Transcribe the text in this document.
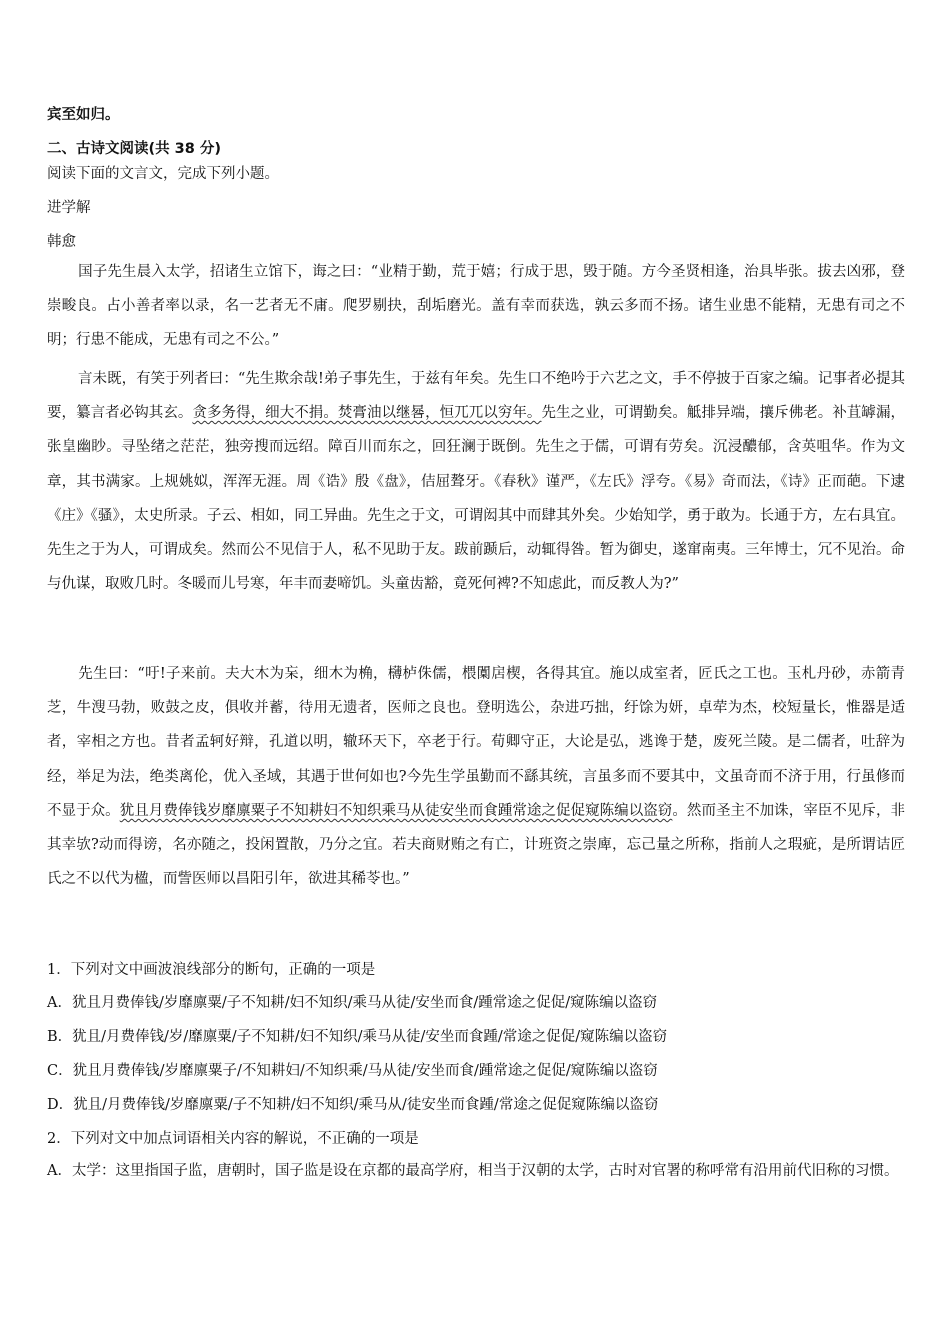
宾至如归。
二、古诗文阅读(共 38 分)
阅读下面的文言文，完成下列小题。
进学解
韩愈
国子先生晨入太学，招诸生立馆下，诲之曰：“业精于勤，荒于嬉；行成于思，毁于随。方今圣贤相逢，治具毕张。拔去凶邪，登崇畯良。占小善者率以录，名一艺者无不庸。爬罗剔抉，刮垢磨光。盖有幸而获选，孰云多而不扬。诸生业患不能精，无患有司之不明；行患不能成，无患有司之不公。”
言未既，有笑于列者曰：“先生欺余哉!弟子事先生，于兹有年矣。先生口不绝吟于六艺之文，手不停披于百家之编。记事者必提其要，纂言者必钩其玄。贪多务得，细大不捐。焚膏油以继晷，恒兀兀以穷年。先生之业，可谓勤矣。觝排异端，攘斥佛老。补苴罅漏，张皇幽眇。寻坠绪之茫茫，独旁搜而远绍。障百川而东之，回狂澜于既倒。先生之于儒，可谓有劳矣。沉浸醲郁，含英咀华。作为文章，其书满家。上规姚姒，浑浑无涯。周《诰》殷《盘》，佶屈聱牙。《春秋》谨严，《左氏》浮夸。《易》奇而法，《诗》正而葩。下逮《庄》《骚》，太史所录。子云、相如，同工异曲。先生之于文，可谓闳其中而肆其外矣。少始知学，勇于敢为。长通于方，左右具宜。先生之于为人，可谓成矣。然而公不见信于人，私不见助于友。跋前踬后，动辄得咎。暂为御史，遂窜南夷。三年博士，冗不见治。命与仇谋，取败几时。冬暖而儿号寒，年丰而妻啼饥。头童齿豁，竟死何裨?不知虑此，而反教人为?”
先生曰：“吁!子来前。夫大木为杗，细木为桷，欂栌侏儒，椳闑扂楔，各得其宜。施以成室者，匠氏之工也。玉札丹砂，赤箭青芝，牛溲马勃，败鼓之皮，俱收并蓄，待用无遗者，医师之良也。登明选公，杂进巧拙，纡馀为妍，卓荦为杰，校短量长，惟器是适者，宰相之方也。昔者孟轲好辩，孔道以明，辙环天下，卒老于行。荀卿守正，大论是弘，逃谗于楚，废死兰陵。是二儒者，吐辞为经，举足为法，绝类离伦，优入圣域，其遇于世何如也?今先生学虽勤而不繇其统，言虽多而不要其中，文虽奇而不济于用，行虽修而不显于众。犹且月费俸钱岁靡廪粟子不知耕妇不知织乘马从徒安坐而食踵常途之促促窥陈编以盗窃。然而圣主不加诛，宰臣不见斥，非其幸欤?动而得谤，名亦随之，投闲置散，乃分之宜。若夫商财贿之有亡，计班资之崇庳，忘己量之所称，指前人之瑕疵，是所谓诘匠氏之不以代为楹，而訾医师以昌阳引年，欲进其稀苓也。”
1．下列对文中画波浪线部分的断句，正确的一项是
A．犹且月费俸钱/岁靡廪粟/子不知耕/妇不知织/乘马从徒/安坐而食/踵常途之促促/窥陈编以盗窃
B．犹且/月费俸钱/岁/靡廪粟/子不知耕/妇不知织/乘马从徒/安坐而食踵/常途之促促/窥陈编以盗窃
C．犹且月费俸钱/岁靡廪粟子/不知耕妇/不知织乘/马从徒/安坐而食/踵常途之促促/窥陈编以盗窃
D．犹且/月费俸钱/岁靡廪粟/子不知耕/妇不知织/乘马从/徒安坐而食踵/常途之促促窥陈编以盗窃
2．下列对文中加点词语相关内容的解说，不正确的一项是
A．太学：这里指国子监，唐朝时，国子监是设在京都的最高学府，相当于汉朝的太学，古时对官署的称呼常有沿用前代旧称的习惯。
